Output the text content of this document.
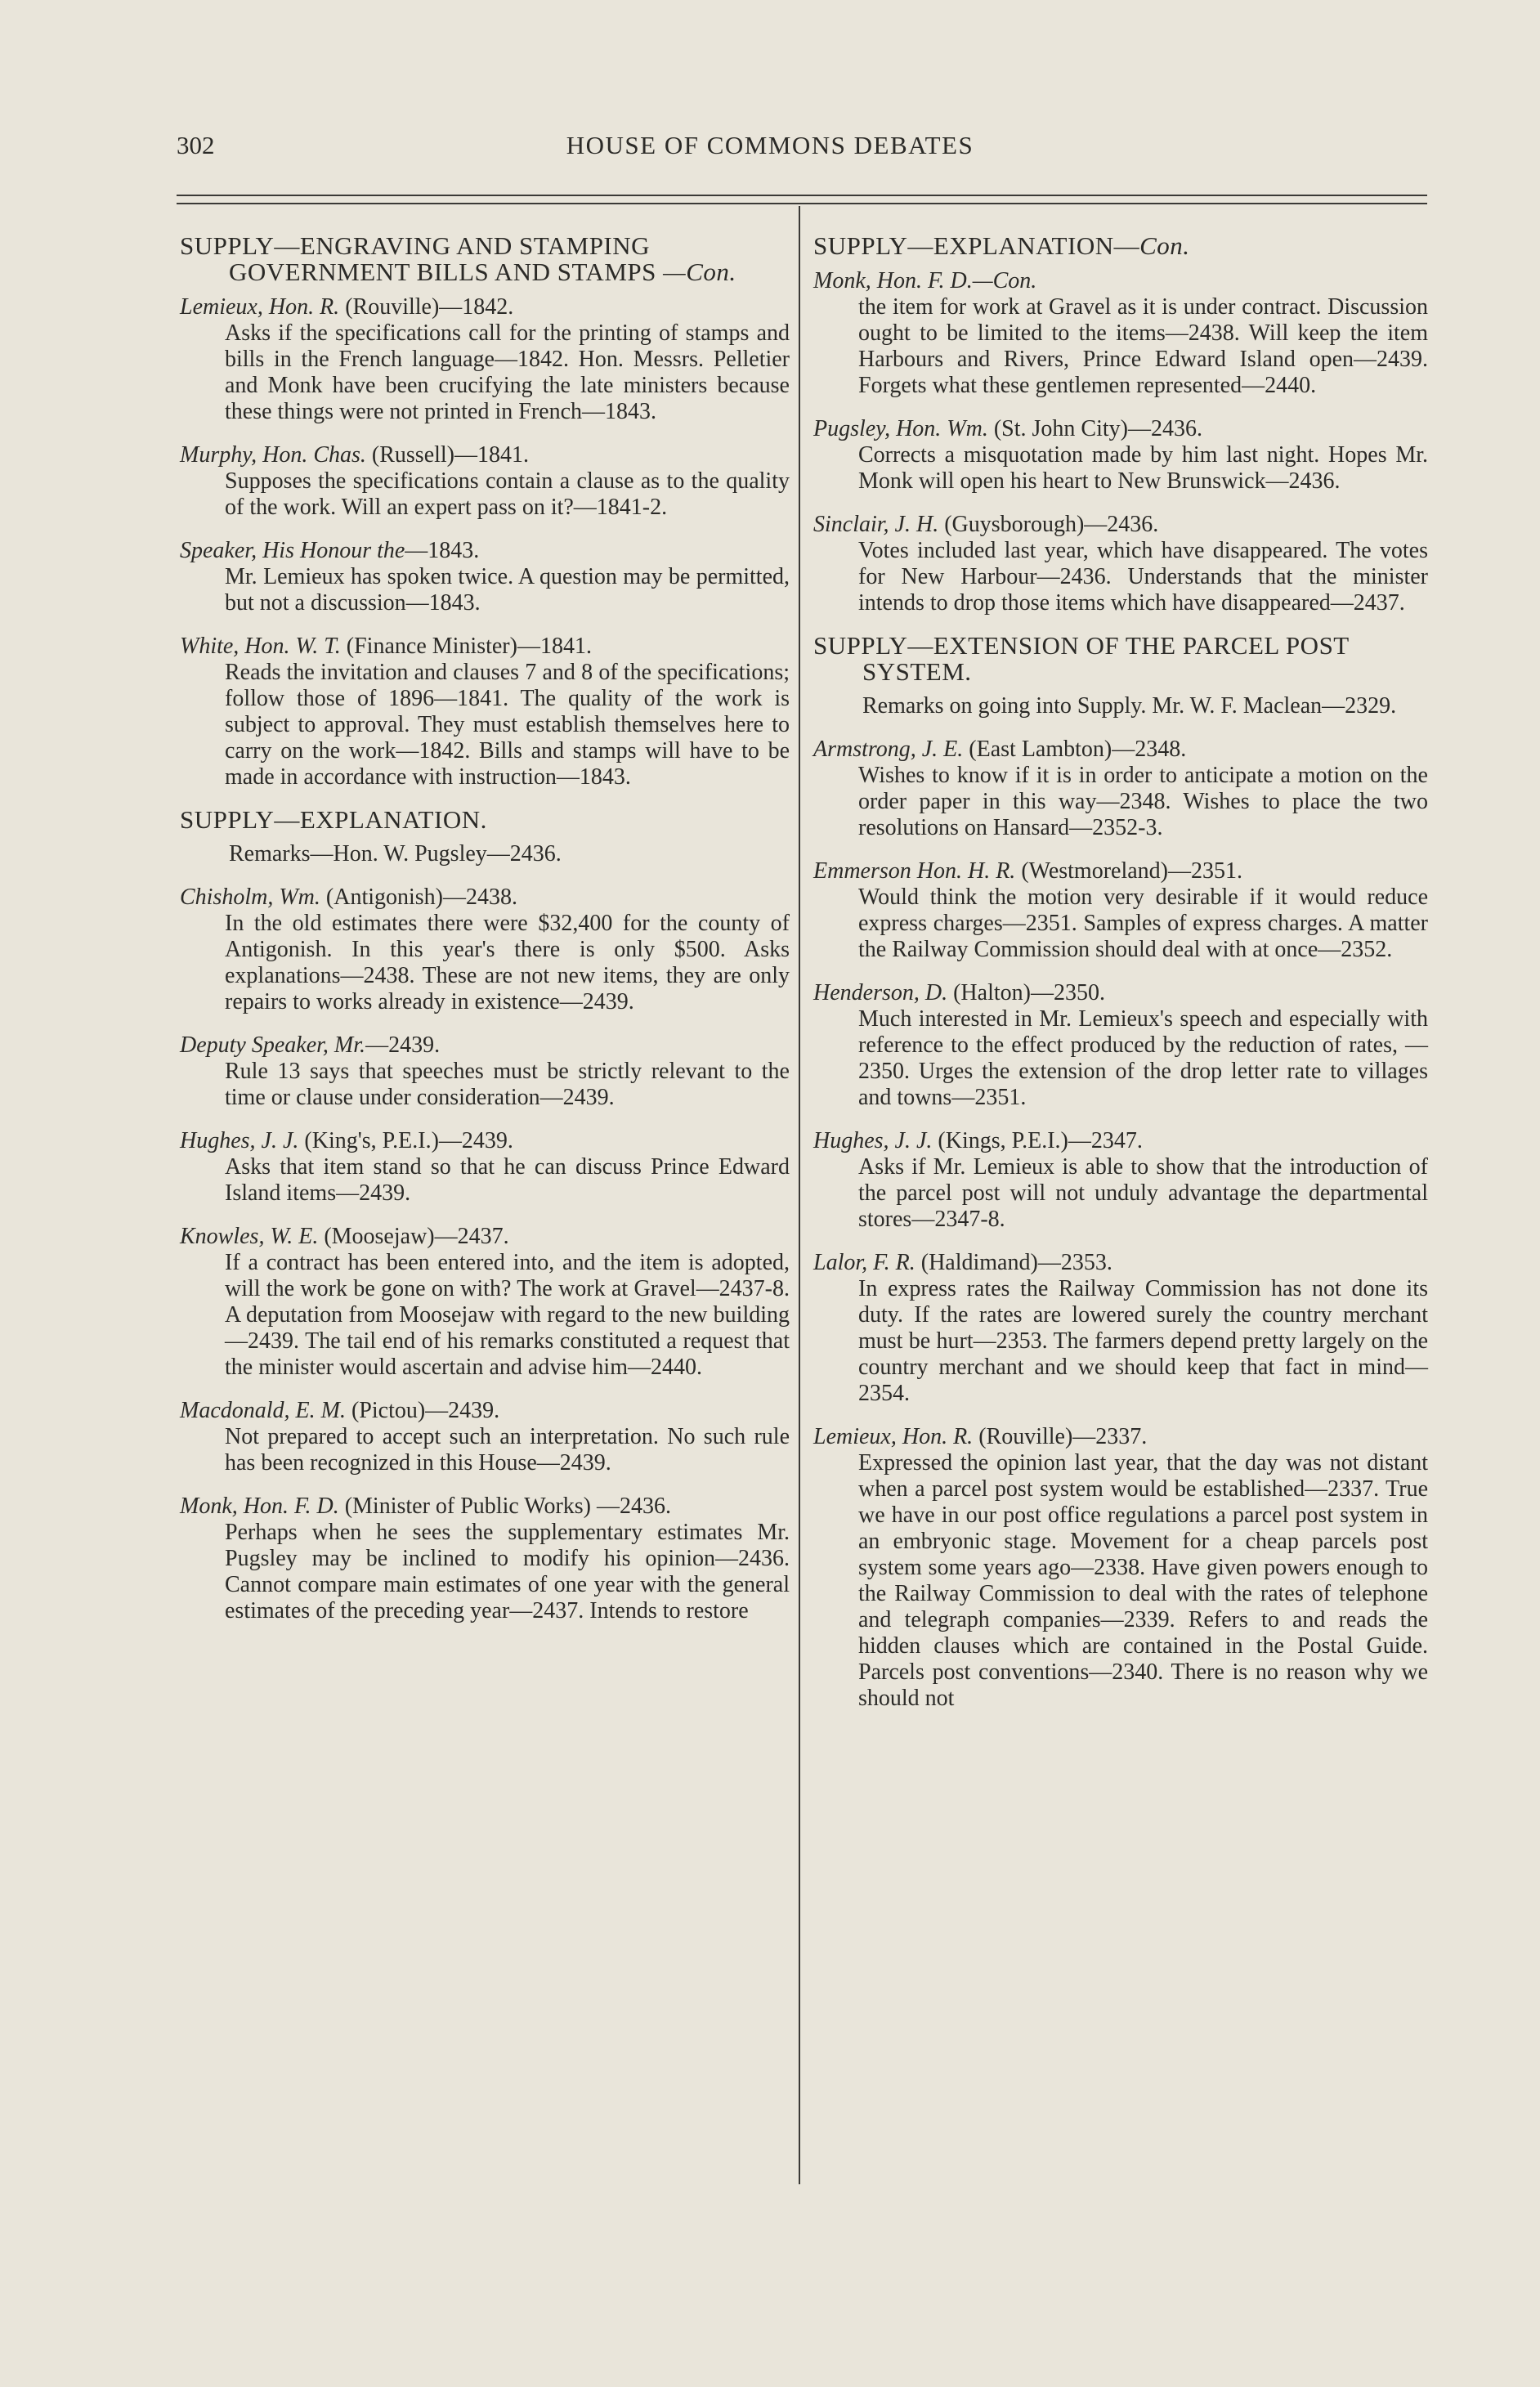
302	HOUSE OF COMMONS DEBATES
SUPPLY—ENGRAVING AND STAMPING GOVERNMENT BILLS AND STAMPS —Con.

Lemieux, Hon. R. (Rouville)—1842.

Asks if the specifications call for the printing of stamps and bills in the French language—1842. Hon. Messrs. Pelletier and Monk have been crucifying the late ministers because these things were not printed in French—1843.

Murphy, Hon. Chas. (Russell)—1841.

Supposes the specifications contain a clause as to the quality of the work. Will an expert pass on it?—1841-2.

Speaker, His Honour the—1843.

Mr. Lemieux has spoken twice. A question may be permitted, but not a discussion—1843.

White, Hon. W. T. (Finance Minister)—1841.

Reads the invitation and clauses 7 and 8 of the specifications; follow those of 1896—1841. The quality of the work is subject to approval. They must establish themselves here to carry on the work—1842. Bills and stamps will have to be made in accordance with instruction—1843.

SUPPLY—EXPLANATION.

Remarks—Hon. W. Pugsley—2436.

Chisholm, Wm. (Antigonish)—2438.

In the old estimates there were $32,400 for the county of Antigonish. In this year's there is only $500. Asks explanations—2438. These are not new items, they are only repairs to works already in existence—2439.

Deputy Speaker, Mr.—2439.

Rule 13 says that speeches must be strictly relevant to the time or clause under consideration—2439.

Hughes, J. J. (King's, P.E.I.)—2439.

Asks that item stand so that he can discuss Prince Edward Island items—2439.

Knowles, W. E. (Moosejaw)—2437.

If a contract has been entered into, and the item is adopted, will the work be gone on with? The work at Gravel—2437-8. A deputation from Moosejaw with regard to the new building—2439. The tail end of his remarks constituted a request that the minister would ascertain and advise him—2440.

Macdonald, E. M. (Pictou)—2439.

Not prepared to accept such an interpretation. No such rule has been recognized in this House—2439.

Monk, Hon. F. D. (Minister of Public Works) —2436.

Perhaps when he sees the supplementary estimates Mr. Pugsley may be inclined to modify his opinion—2436. Cannot compare main estimates of one year with the general estimates of the preceding year—2437. Intends to restore

SUPPLY—EXPLANATION—Con.

Monk, Hon. F. D.—Con.

the item for work at Gravel as it is under contract. Discussion ought to be limited to the items—2438. Will keep the item Harbours and Rivers, Prince Edward Island open—2439. Forgets what these gentlemen represented—2440.

Pugsley, Hon. Wm. (St. John City)—2436.

Corrects a misquotation made by him last night. Hopes Mr. Monk will open his heart to New Brunswick—2436.

Sinclair, J. H. (Guysborough)—2436.

Votes included last year, which have disappeared. The votes for New Harbour—2436. Understands that the minister intends to drop those items which have disappeared—2437.

SUPPLY—EXTENSION OF THE PARCEL POST SYSTEM.

Remarks on going into Supply. Mr. W. F. Maclean—2329.

Armstrong, J. E. (East Lambton)—2348.

Wishes to know if it is in order to anticipate a motion on the order paper in this way—2348. Wishes to place the two resolutions on Hansard—2352-3.

Emmerson Hon. H. R. (Westmoreland)—2351.

Would think the motion very desirable if it would reduce express charges—2351. Samples of express charges. A matter the Railway Commission should deal with at once—2352.

Henderson, D. (Halton)—2350.

Much interested in Mr. Lemieux's speech and especially with reference to the effect produced by the reduction of rates, —2350. Urges the extension of the drop letter rate to villages and towns—2351.

Hughes, J. J. (Kings, P.E.I.)—2347.

Asks if Mr. Lemieux is able to show that the introduction of the parcel post will not unduly advantage the departmental stores—2347-8.

Lalor, F. R. (Haldimand)—2353.

In express rates the Railway Commission has not done its duty. If the rates are lowered surely the country merchant must be hurt—2353. The farmers depend pretty largely on the country merchant and we should keep that fact in mind—2354.

Lemieux, Hon. R. (Rouville)—2337.

Expressed the opinion last year, that the day was not distant when a parcel post system would be established—2337. True we have in our post office regulations a parcel post system in an embryonic stage. Movement for a cheap parcels post system some years ago—2338. Have given powers enough to the Railway Commission to deal with the rates of telephone and telegraph companies—2339. Refers to and reads the hidden clauses which are contained in the Postal Guide. Parcels post conventions—2340. There is no reason why we should not
